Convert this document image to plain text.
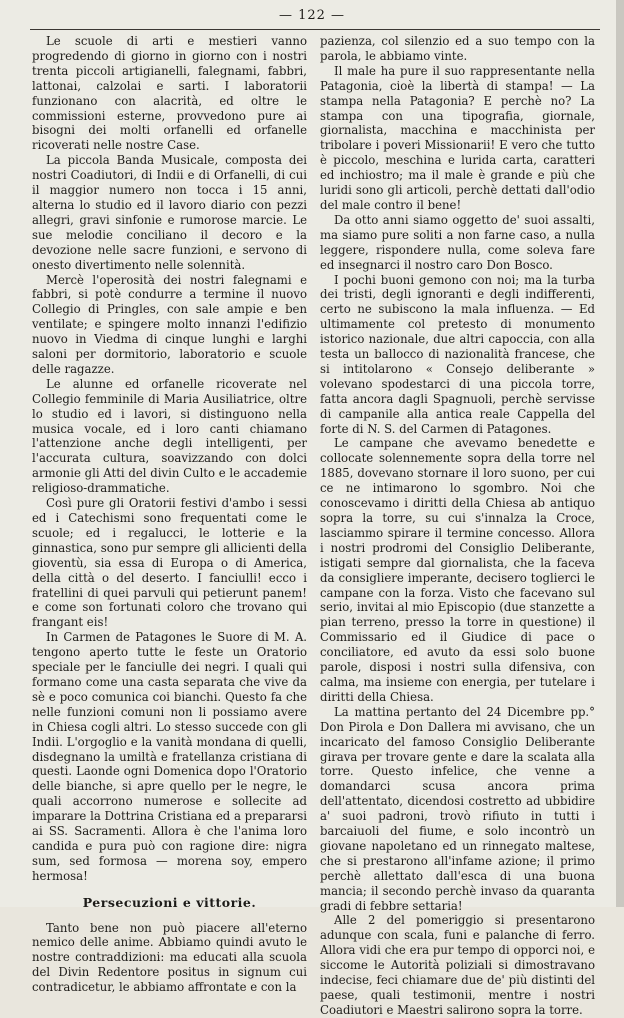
— 122 —

Le scuole di arti e mestieri vanno progredendo di giorno in giorno con i nostri trenta piccoli artigianelli, falegnami, fabbri, lattonai, calzolai e sarti. I laboratorii funzionano con alacrità, ed oltre le commissioni esterne, provvedono pure ai bisogni dei molti orfanelli ed orfanelle ricoverati nelle nostre Case.

La piccola Banda Musicale, composta dei nostri Coadiutori, di Indii e di Orfanelli, di cui il maggior numero non tocca i 15 anni, alterna lo studio ed il lavoro diario con pezzi allegri, gravi sinfonie e rumorose marcie. Le sue melodie conciliano il decoro e la devozione nelle sacre funzioni, e servono di onesto divertimento nelle solennità.

Mercè l'operosità dei nostri falegnami e fabbri, si potè condurre a termine il nuovo Collegio di Pringles, con sale ampie e ben ventilate; e spingere molto innanzi l'edifizio nuovo in Viedma di cinque lunghi e larghi saloni per dormitorio, laboratorio e scuole delle ragazze.

Le alunne ed orfanelle ricoverate nel Collegio femminile di Maria Ausiliatrice, oltre lo studio ed i lavori, si distinguono nella musica vocale, ed i loro canti chiamano l'attenzione anche degli intelligenti, per l'accurata cultura, soavizzando con dolci armonie gli Atti del divin Culto e le accademie religioso-drammatiche.

Così pure gli Oratorii festivi d'ambo i sessi ed i Catechismi sono frequentati come le scuole; ed i regalucci, le lotterie e la ginnastica, sono pur sempre gli allicienti della gioventù, sia essa di Europa o di America, della città o del deserto. I fanciulli! ecco i fratellini di quei parvuli qui petierunt panem! e come son fortunati coloro che trovano qui frangant eis!

In Carmen de Patagones le Suore di M. A. tengono aperto tutte le feste un Oratorio speciale per le fanciulle dei negri. I quali qui formano come una casta separata che vive da sè e poco comunica coi bianchi. Questo fa che nelle funzioni comuni non li possiamo avere in Chiesa cogli altri. Lo stesso succede con gli Indii. L'orgoglio e la vanità mondana di quelli, disdegnano la umiltà e fratellanza cristiana di questi. Laonde ogni Domenica dopo l'Oratorio delle bianche, si apre quello per le negre, le quali accorrono numerose e sollecite ad imparare la Dottrina Cristiana ed a prepararsi ai SS. Sacramenti. Allora è che l'anima loro candida e pura può con ragione dire: nigra sum, sed formosa — morena soy, empero hermosa!

Persecuzioni e vittorie.

Tanto bene non può piacere all'eterno nemico delle anime. Abbiamo quindi avuto le nostre contraddizioni: ma educati alla scuola del Divin Redentore positus in signum cui contradicetur, le abbiamo affrontate e con la

pazienza, col silenzio ed a suo tempo con la parola, le abbiamo vinte.

Il male ha pure il suo rappresentante nella Patagonia, cioè la libertà di stampa! — La stampa nella Patagonia? E perchè no? La stampa con una tipografia, giornale, giornalista, macchina e macchinista per tribolare i poveri Missionarii! E vero che tutto è piccolo, meschina e lurida carta, caratteri ed inchiostro; ma il male è grande e più che luridi sono gli articoli, perchè dettati dall'odio del male contro il bene!

Da otto anni siamo oggetto de' suoi assalti, ma siamo pure soliti a non farne caso, a nulla leggere, rispondere nulla, come soleva fare ed insegnarci il nostro caro Don Bosco.

I pochi buoni gemono con noi; ma la turba dei tristi, degli ignoranti e degli indifferenti, certo ne subiscono la mala influenza. — Ed ultimamente col pretesto di monumento istorico nazionale, due altri capoccia, con alla testa un ballocco di nazionalità francese, che si intitolarono « Consejo deliberante » volevano spodestarci di una piccola torre, fatta ancora dagli Spagnuoli, perchè servisse di campanile alla antica reale Cappella del forte di N. S. del Carmen di Patagones.

Le campane che avevamo benedette e collocate solennemente sopra della torre nel 1885, dovevano stornare il loro suono, per cui ce ne intimarono lo sgombro. Noi che conoscevamo i diritti della Chiesa ab antiquo sopra la torre, su cui s'innalza la Croce, lasciammo spirare il termine concesso. Allora i nostri prodromi del Consiglio Deliberante, istigati sempre dal giornalista, che la faceva da consigliere imperante, decisero toglierci le campane con la forza. Visto che facevano sul serio, invitai al mio Episcopio (due stanzette a pian terreno, presso la torre in questione) il Commissario ed il Giudice di pace o conciliatore, ed avuto da essi solo buone parole, disposi i nostri sulla difensiva, con calma, ma insieme con energia, per tutelare i diritti della Chiesa.

La mattina pertanto del 24 Dicembre pp.° Don Pirola e Don Dallera mi avvisano, che un incaricato del famoso Consiglio Deliberante girava per trovare gente e dare la scalata alla torre. Questo infelice, che venne a domandarci scusa ancora prima dell'attentato, dicendosi costretto ad ubbidire a' suoi padroni, trovò rifiuto in tutti i barcaiuoli del fiume, e solo incontrò un giovane napoletano ed un rinnegato maltese, che si prestarono all'infame azione; il primo perchè allettato dall'esca di una buona mancia; il secondo perchè invaso da quaranta gradi di febbre settaria!

Alle 2 del pomeriggio si presentarono adunque con scala, funi e palanche di ferro. Allora vidi che era pur tempo di opporci noi, e siccome le Autorità poliziali si dimostravano indecise, feci chiamare due de' più distinti del paese, quali testimonii, mentre i nostri Coadiutori e Maestri salirono sopra la torre.
